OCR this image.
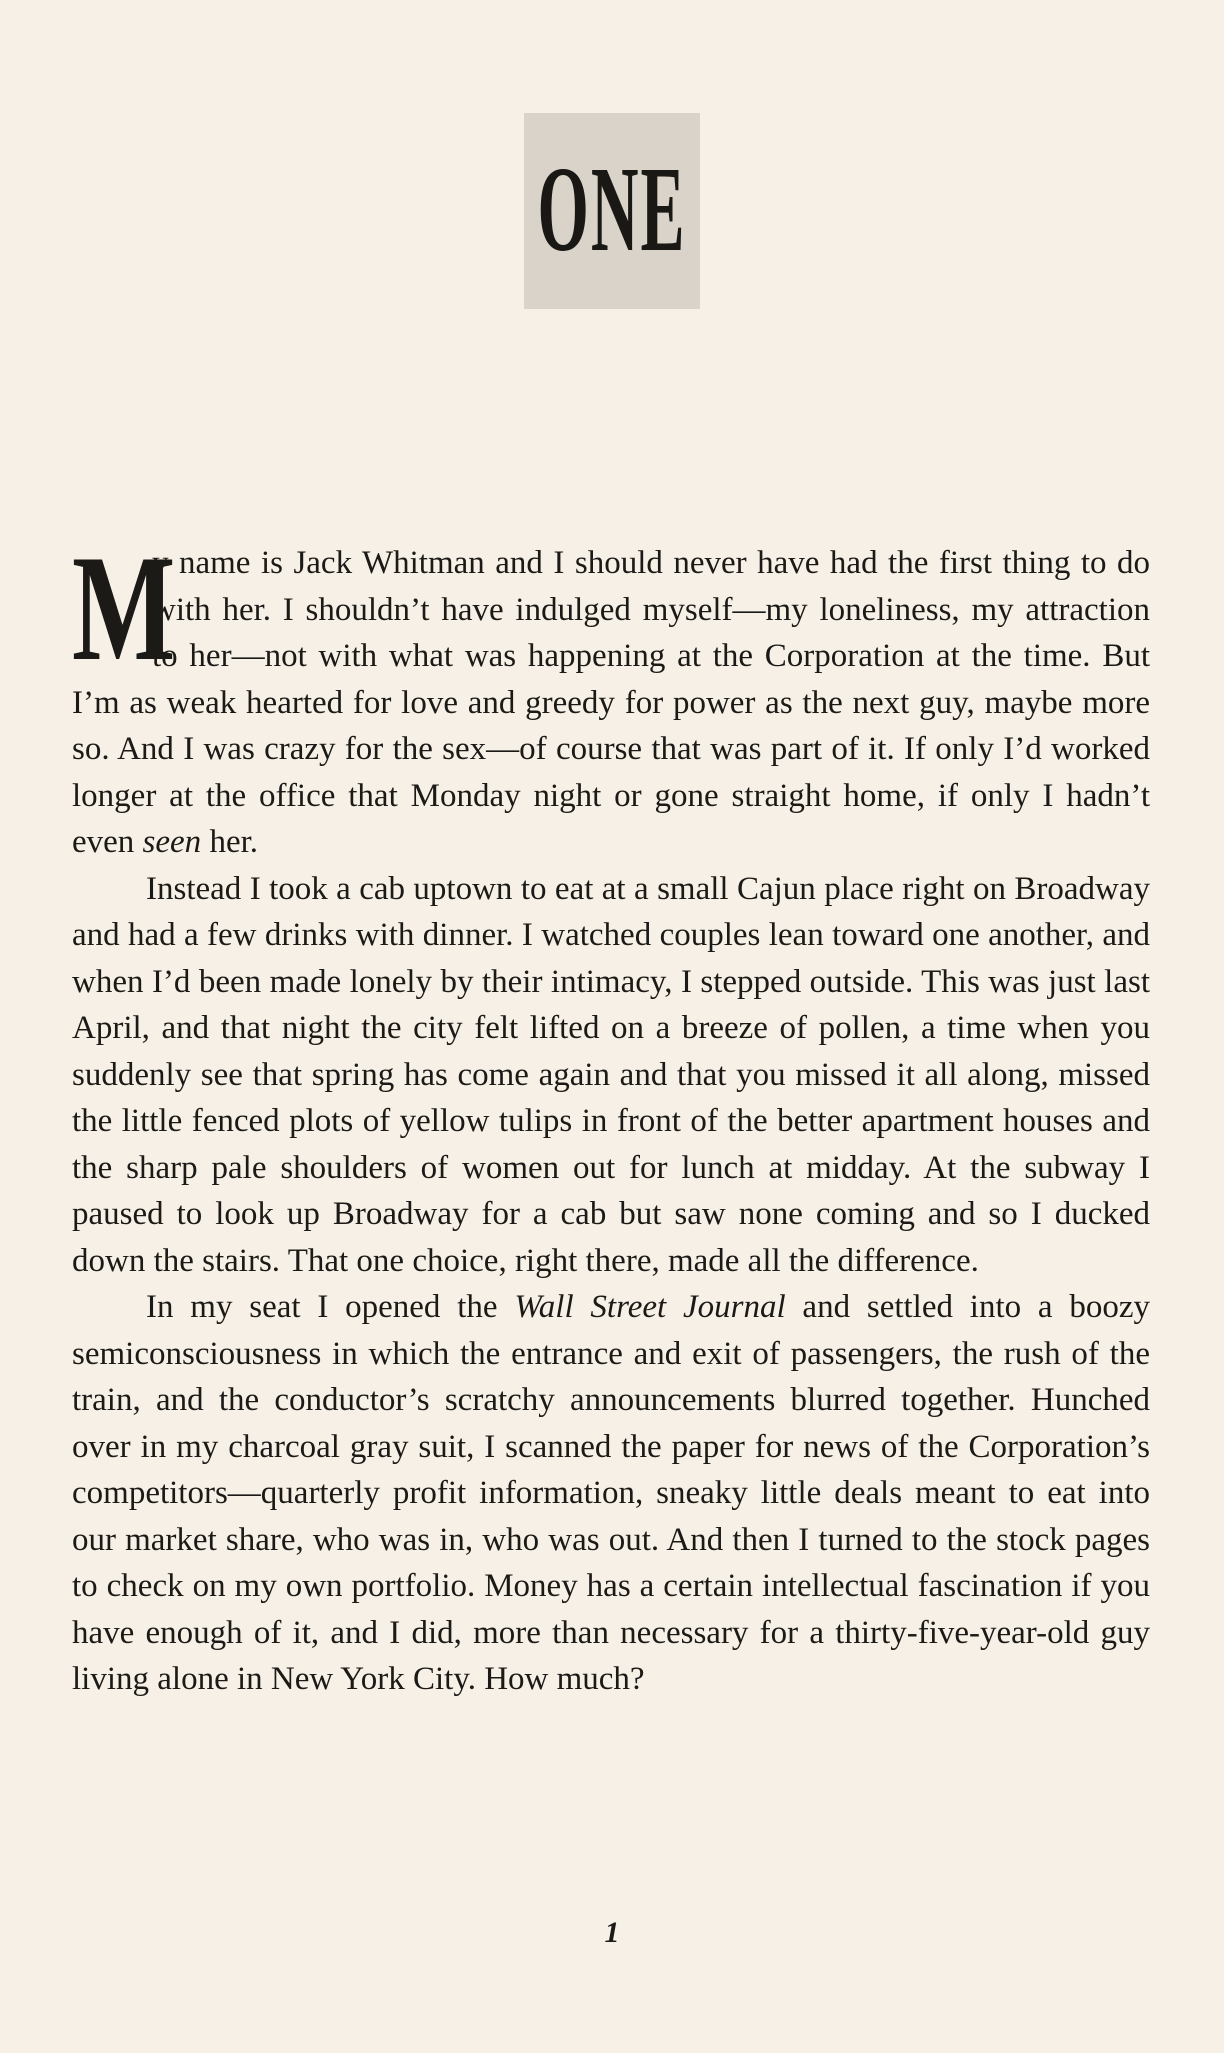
ONE

M
y name is Jack Whitman and I should never have had the first thing to do with her. I shouldn’t have indulged myself—my loneliness, my attraction to her—not with what was happening at the Corporation at the time. But I’m as weak hearted for love and greedy for power as the next guy, maybe more so. And I was crazy for the sex—of course that was part of it. If only I’d worked longer at the office that Monday night or gone straight home, if only I hadn’t even seen her.

Instead I took a cab uptown to eat at a small Cajun place right on Broadway and had a few drinks with dinner. I watched couples lean toward one another, and when I’d been made lonely by their intimacy, I stepped outside. This was just last April, and that night the city felt lifted on a breeze of pollen, a time when you suddenly see that spring has come again and that you missed it all along, missed the little fenced plots of yellow tulips in front of the better apartment houses and the sharp pale shoulders of women out for lunch at midday. At the subway I paused to look up Broadway for a cab but saw none coming and so I ducked down the stairs. That one choice, right there, made all the difference.

In my seat I opened the Wall Street Journal and settled into a boozy semiconsciousness in which the entrance and exit of passengers, the rush of the train, and the conductor’s scratchy announcements blurred together. Hunched over in my charcoal gray suit, I scanned the paper for news of the Corporation’s competitors—quarterly profit information, sneaky little deals meant to eat into our market share, who was in, who was out. And then I turned to the stock pages to check on my own portfolio. Money has a certain intellectual fascination if you have enough of it, and I did, more than necessary for a thirty-five-year-old guy living alone in New York City. How much?

1
